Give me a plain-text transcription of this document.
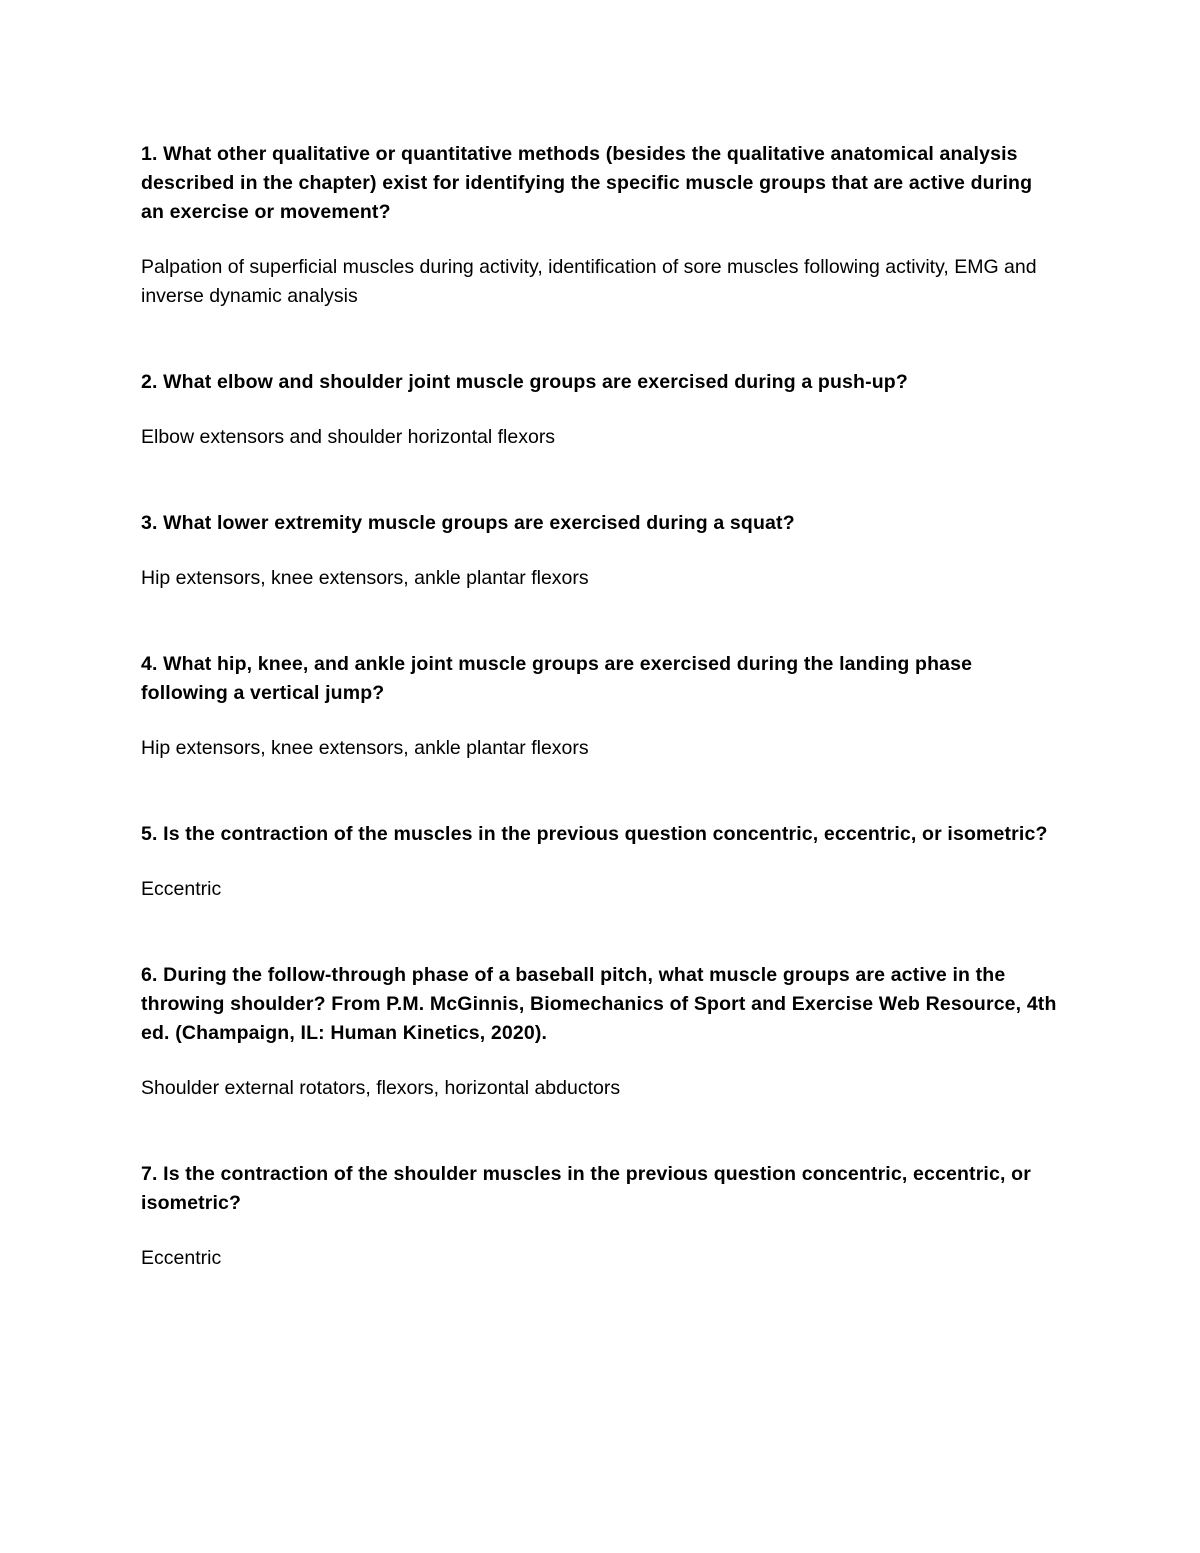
1. What other qualitative or quantitative methods (besides the qualitative anatomical analysis described in the chapter) exist for identifying the specific muscle groups that are active during an exercise or movement?

Palpation of superficial muscles during activity, identification of sore muscles following activity, EMG and inverse dynamic analysis

2. What elbow and shoulder joint muscle groups are exercised during a push-up?

Elbow extensors and shoulder horizontal flexors

3. What lower extremity muscle groups are exercised during a squat?

Hip extensors, knee extensors, ankle plantar flexors

4. What hip, knee, and ankle joint muscle groups are exercised during the landing phase following a vertical jump?

Hip extensors, knee extensors, ankle plantar flexors

5. Is the contraction of the muscles in the previous question concentric, eccentric, or isometric?

Eccentric

6. During the follow-through phase of a baseball pitch, what muscle groups are active in the throwing shoulder? From P.M. McGinnis, Biomechanics of Sport and Exercise Web Resource, 4th ed. (Champaign, IL: Human Kinetics, 2020).

Shoulder external rotators, flexors, horizontal abductors

7. Is the contraction of the shoulder muscles in the previous question concentric, eccentric, or isometric?

Eccentric
